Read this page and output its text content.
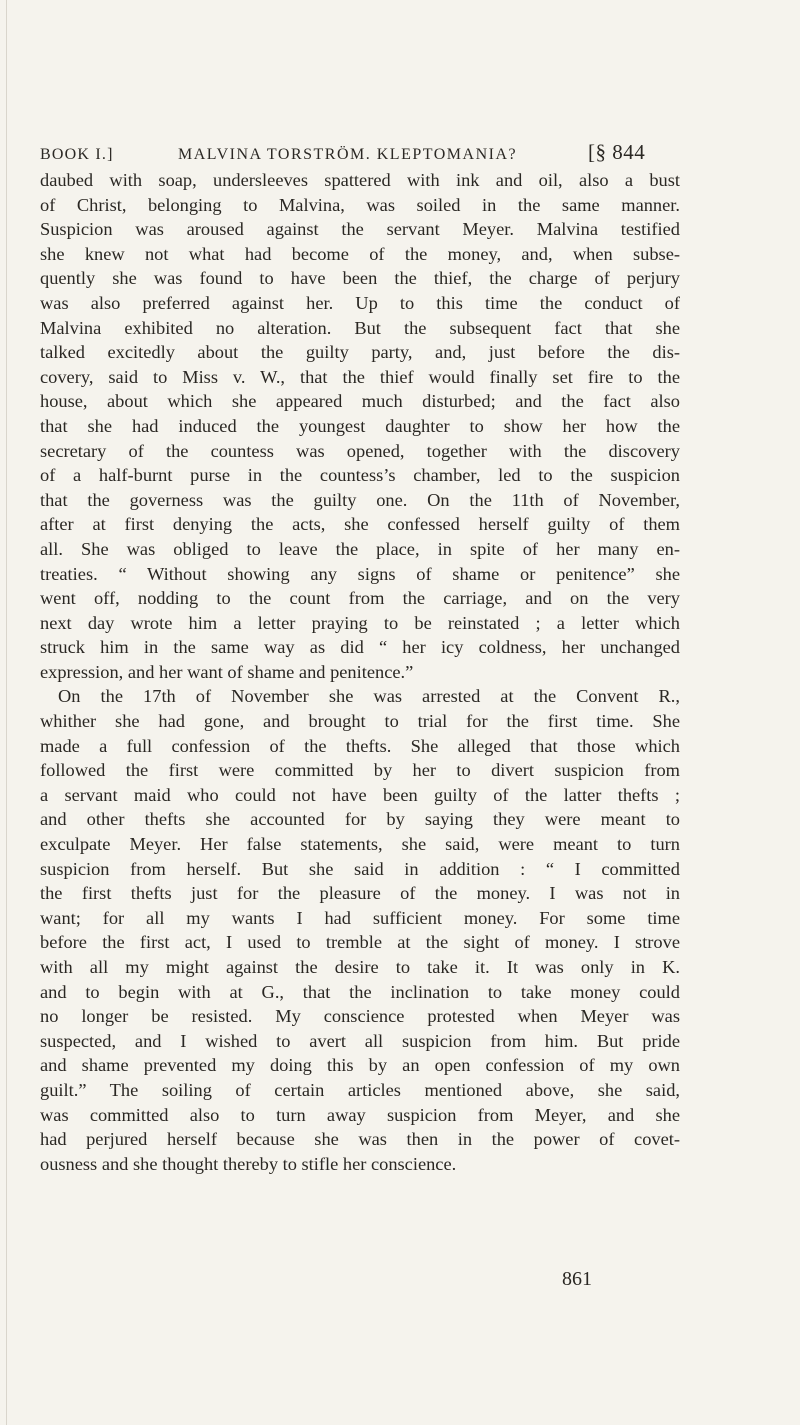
BOOK I.]	MALVINA TORSTRÖM. KLEPTOMANIA?	[§ 844
daubed with soap, undersleeves spattered with ink and oil, also a bust
of Christ, belonging to Malvina, was soiled in the same manner.
Suspicion was aroused against the servant Meyer. Malvina testified
she knew not what had become of the money, and, when subse-
quently she was found to have been the thief, the charge of perjury
was also preferred against her. Up to this time the conduct of
Malvina exhibited no alteration. But the subsequent fact that she
talked excitedly about the guilty party, and, just before the dis-
covery, said to Miss v. W., that the thief would finally set fire to the
house, about which she appeared much disturbed; and the fact also
that she had induced the youngest daughter to show her how the
secretary of the countess was opened, together with the discovery
of a half-burnt purse in the countess’s chamber, led to the suspicion
that the governess was the guilty one. On the 11th of November,
after at first denying the acts, she confessed herself guilty of them
all. She was obliged to leave the place, in spite of her many en-
treaties. “ Without showing any signs of shame or penitence” she
went off, nodding to the count from the carriage, and on the very
next day wrote him a letter praying to be reinstated ; a letter which
struck him in the same way as did “ her icy coldness, her unchanged
expression, and her want of shame and penitence.”
On the 17th of November she was arrested at the Convent R.,
whither she had gone, and brought to trial for the first time. She
made a full confession of the thefts. She alleged that those which
followed the first were committed by her to divert suspicion from
a servant maid who could not have been guilty of the latter thefts ;
and other thefts she accounted for by saying they were meant to
exculpate Meyer. Her false statements, she said, were meant to turn
suspicion from herself. But she said in addition : “ I committed
the first thefts just for the pleasure of the money. I was not in
want; for all my wants I had sufficient money. For some time
before the first act, I used to tremble at the sight of money. I strove
with all my might against the desire to take it. It was only in K.
and to begin with at G., that the inclination to take money could
no longer be resisted. My conscience protested when Meyer was
suspected, and I wished to avert all suspicion from him. But pride
and shame prevented my doing this by an open confession of my own
guilt.” The soiling of certain articles mentioned above, she said,
was committed also to turn away suspicion from Meyer, and she
had perjured herself because she was then in the power of covet-
ousness and she thought thereby to stifle her conscience.
861
